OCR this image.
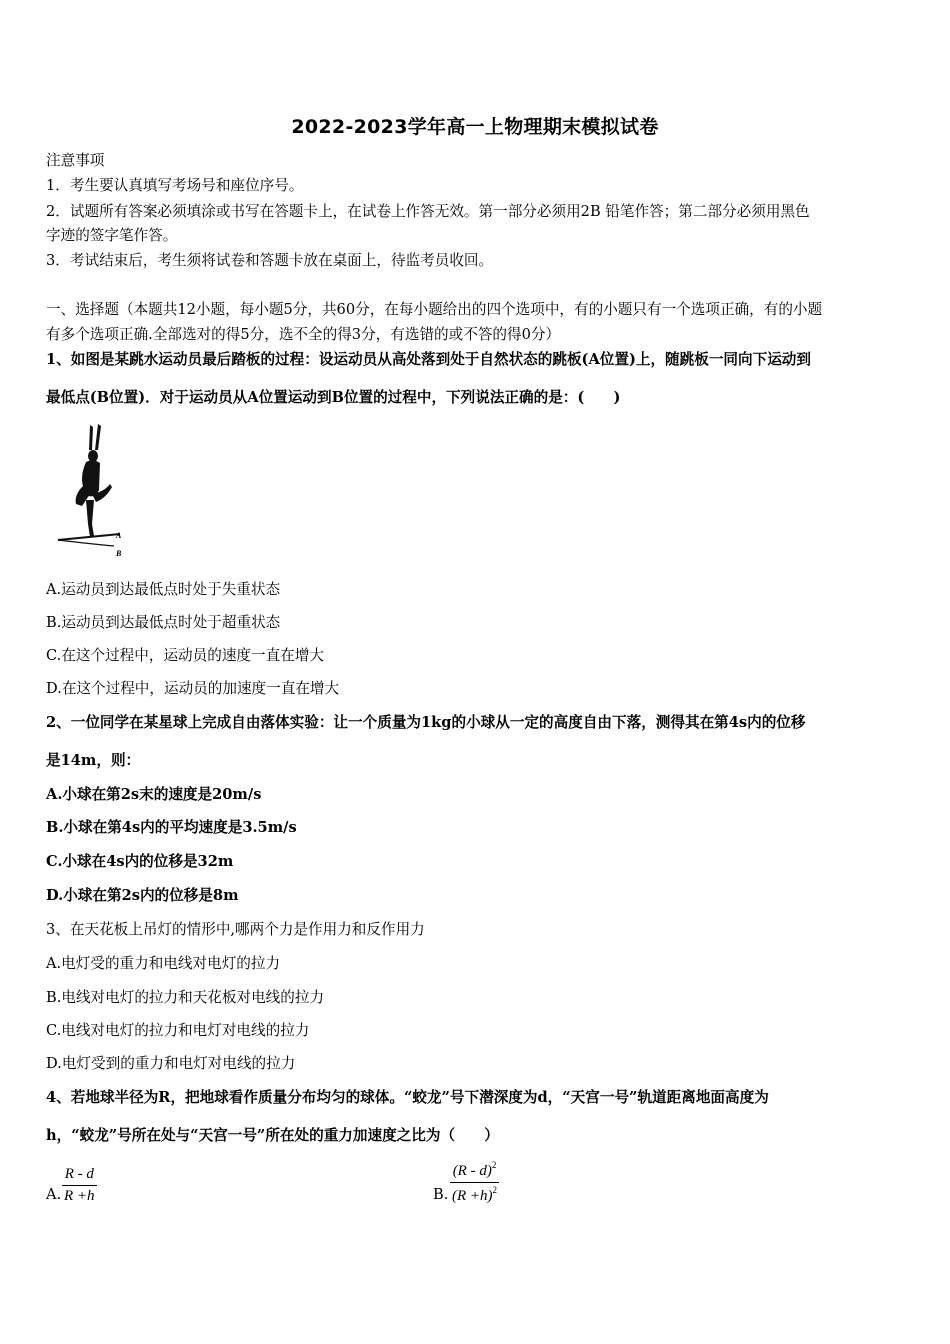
2022-2023学年高一上物理期末模拟试卷
注意事项
1．考生要认真填写考场号和座位序号。
2．试题所有答案必须填涂或书写在答题卡上，在试卷上作答无效。第一部分必须用2B 铅笔作答；第二部分必须用黑色
字迹的签字笔作答。
3．考试结束后，考生须将试卷和答题卡放在桌面上，待监考员收回。
一、选择题（本题共12小题，每小题5分，共60分，在每小题给出的四个选项中，有的小题只有一个选项正确，有的小题
有多个选项正确.全部选对的得5分，选不全的得3分，有选错的或不答的得0分）
1、如图是某跳水运动员最后踏板的过程：设运动员从高处落到处于自然状态的跳板(A位置)上，随跳板一同向下运动到
最低点(B位置)．对于运动员从A位置运动到B位置的过程中，下列说法正确的是：(　　)
A
B
A.运动员到达最低点时处于失重状态
B.运动员到达最低点时处于超重状态
C.在这个过程中，运动员的速度一直在增大
D.在这个过程中，运动员的加速度一直在增大
2、一位同学在某星球上完成自由落体实验：让一个质量为1kg的小球从一定的高度自由下落，测得其在第4s内的位移
是14m，则：
A.小球在第2s末的速度是20m/s
B.小球在第4s内的平均速度是3.5m/s
C.小球在4s内的位移是32m
D.小球在第2s内的位移是8m
3、在天花板上吊灯的情形中,哪两个力是作用力和反作用力
A.电灯受的重力和电线对电灯的拉力
B.电线对电灯的拉力和天花板对电线的拉力
C.电线对电灯的拉力和电灯对电线的拉力
D.电灯受到的重力和电灯对电线的拉力
4、若地球半径为R，把地球看作质量分布均匀的球体。“蛟龙”号下潜深度为d，“天宫一号”轨道距离地面高度为
h，“蛟龙”号所在处与“天宫一号”所在处的重力加速度之比为（　　）
A.
R - d
R +h	B.
(R - d)$^2$
$(R +h)^2$
